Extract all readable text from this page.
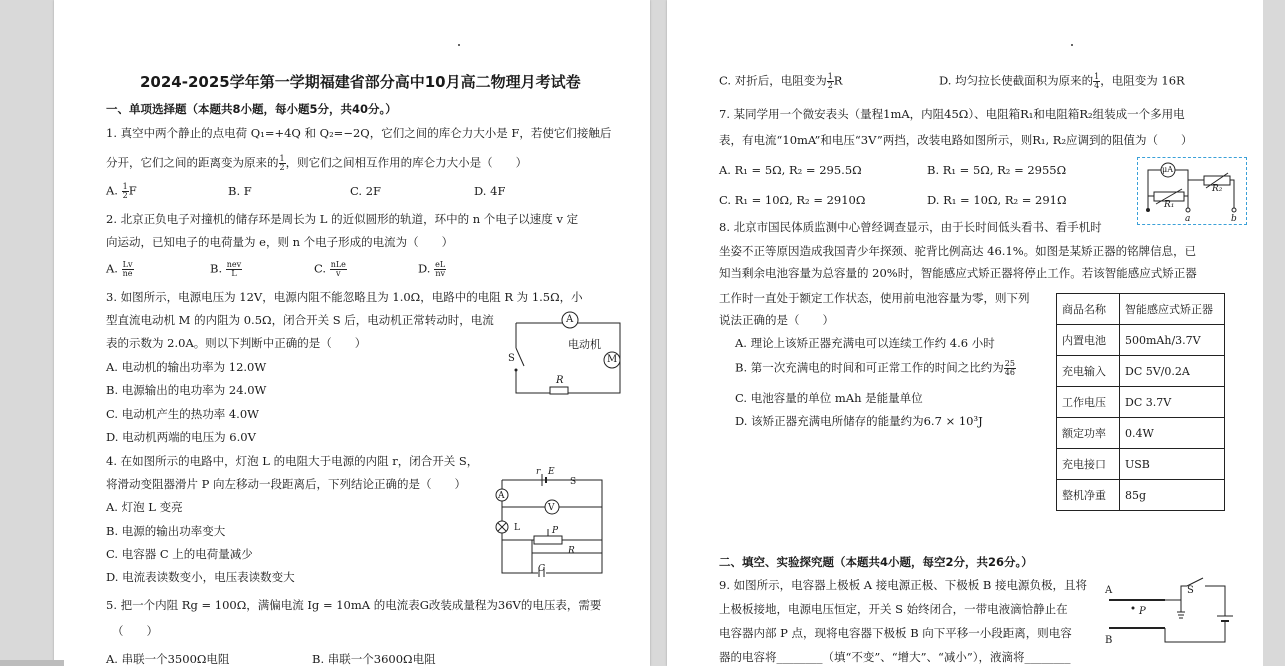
2024-2025学年第一学期福建省部分高中10月高二物理月考试卷
一、单项选择题（本题共8小题，每小题5分，共40分。）
1. 真空中两个静止的点电荷 Q₁=+4Q 和 Q₂=−2Q，它们之间的库仑力大小是 F，若使它们接触后
分开，它们之间的距离变为原来的 $\frac{1}{2}$ ，则它们之间相互作用的库仑力大小是（　　）
A. $\frac{1}{2}$ F	B. F	C. 2F	D. 4F
2. 北京正负电子对撞机的储存环是周长为 L 的近似圆形的轨道，环中的 n 个电子以速度 v 定
向运动，已知电子的电荷量为 e，则 n 个电子形成的电流为（　　）
A. $\frac{Lv}{ne}$	B. $\frac{\text{nev}}{L}$	C. $\frac{\text{nLe}}{v}$	D. $\frac{eL}{nv}$
3. 如图所示，电源电压为 12V，电源内阻不能忽略且为 1.0Ω，电路中的电阻 R 为 1.5Ω，小
型直流电动机 M 的内阻为 0.5Ω，闭合开关 S 后，电动机正常转动时，电流
表的示数为 2.0A。则以下判断中正确的是（　　）
A. 电动机的输出功率为 12.0W
B. 电源输出的电功率为 24.0W
C. 电动机产生的热功率 4.0W
D. 电动机两端的电压为 6.0V
A
M
电动机
S
R
4. 在如图所示的电路中，灯泡 L 的电阻大于电源的内阻 r，闭合开关 S，
将滑动变阻器滑片 P 向左移动一段距离后，下列结论正确的是（　　）
A. 灯泡 L 变亮
B. 电源的输出功率变大
C. 电容器 C 上的电荷量减少
D. 电流表读数变小，电压表读数变大
A
V
r E
S
L	P
R
C
5. 把一个内阻 Rg = 100Ω，满偏电流 Ig = 10mA 的电流表G改装成量程为36V的电压表，需要
（　　）
A. 串联一个3500Ω电阻	B. 串联一个3600Ω电阻
C. 对折后，电阻变为 $\frac{1}{2}$ R	D. 均匀拉长使截面积为原来的 $\frac{1}{4}$ ，电阻变为 16R
7. 某同学用一个微安表头（量程1mA，内阻45Ω）、电阻箱R₁和电阻箱R₂组装成一个多用电
表，有电流“10mA”和电压“3V”两挡，改装电路如图所示，则R₁, R₂应调到的阻值为（　　）
A. R₁ = 5Ω, R₂ = 295.5Ω	B. R₁ = 5Ω, R₂ = 2955Ω
C. R₁ = 10Ω, R₂ = 2910Ω	D. R₁ = 10Ω, R₂ = 291Ω
μA
R₁
R₂
a	b
8. 北京市国民体质监测中心曾经调查显示，由于长时间低头看书、看手机时
坐姿不正等原因造成我国青少年探颈、驼背比例高达 46.1%。如图是某矫正器的铭牌信息，已
知当剩余电池容量为总容量的 20%时，智能感应式矫正器将停止工作。若该智能感应式矫正器
工作时一直处于额定工作状态，使用前电池容量为零，则下列
说法正确的是（　　）
A. 理论上该矫正器充满电可以连续工作约 4.6 小时
B. 第一次充满电的时间和可正常工作的时间之比约为 $\frac{25}{46}$
C. 电池容量的单位 mAh 是能量单位
D. 该矫正器充满电所储存的能量约为6.7 × 10³J
商品名称	智能感应式矫正器
内置电池	500mAh/3.7V
充电输入	DC 5V/0.2A
工作电压	DC 3.7V
额定功率	0.4W
充电接口	USB
整机净重	85g
二、填空、实验探究题（本题共4小题，每空2分，共26分。）
9. 如图所示，电容器上极板 A 接电源正极、下极板 B 接电源负极，且将
上极板接地，电源电压恒定，开关 S 始终闭合，一带电液滴恰静止在
电容器内部 P 点，现将电容器下极板 B 向下平移一小段距离，则电容
器的电容将________（填“不变”、“增大”、“减小”），液滴将________
A
B
P
S
